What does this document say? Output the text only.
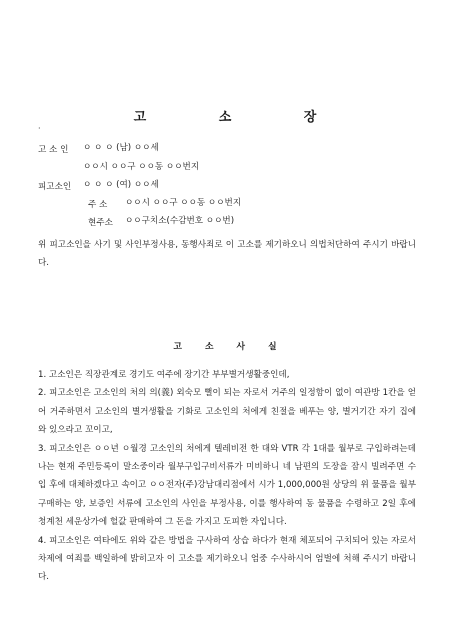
고 소 장
·
고 소 인 ㅇ ㅇ ㅇ (남) ㅇㅇ세
ㅇㅇ시 ㅇㅇ구 ㅇㅇ동 ㅇㅇ번지
피고소인 ㅇ ㅇ ㅇ (여) ㅇㅇ세
주 소 ㅇㅇ시 ㅇㅇ구 ㅇㅇ동 ㅇㅇ번지
현주소 ㅇㅇ구치소(수감번호 ㅇㅇ번)
위 피고소인을 사기 및 사인부정사용, 동행사죄로 이 고소를 제기하오니 의법처단하여 주시기 바랍니다.
고 소 사 실

1. 고소인은 직장관계로 경기도 여주에 장기간 부부별거생활중인데,

2. 피고소인은 고소인의 처의 의(義) 외숙모 뻘이 되는 자로서 거주의 일정함이 없이 여관방 1칸을 얻어 거주하면서 고소인의 별거생활을 기화로 고소인의 처에게 친절을 베푸는 양, 별거기간 자기 집에 와 있으라고 꼬이고,

3. 피고소인은 ㅇㅇ년 ㅇ월경 고소인의 처에게 텔레비전 한 대와 VTR 각 1대를 월부로 구입하려는데 나는 현재 주민등록이 말소중이라 월부구입구비서류가 미비하니 네 남편의 도장을 잠시 빌려주면 수입 후에 대체하겠다고 속이고 ㅇㅇ전자(주)강남대리점에서 시가 1,000,000원 상당의 위 물품을 월부 구매하는 양, 보증인 서류에 고소인의 사인을 부정사용, 이를 행사하여 동 물품을 수령하고 2일 후에 청계천 세운상가에 헐값 판매하여 그 돈을 가지고 도피한 자입니다.

4. 피고소인은 여타에도 위와 같은 방법을 구사하여 상습 하다가 현재 체포되어 구치되어 있는 자로서 차제에 여죄를 백일하에 밝히고자 이 고소를 제기하오니 엄중 수사하시어 엄벌에 처해 주시기 바랍니다.
